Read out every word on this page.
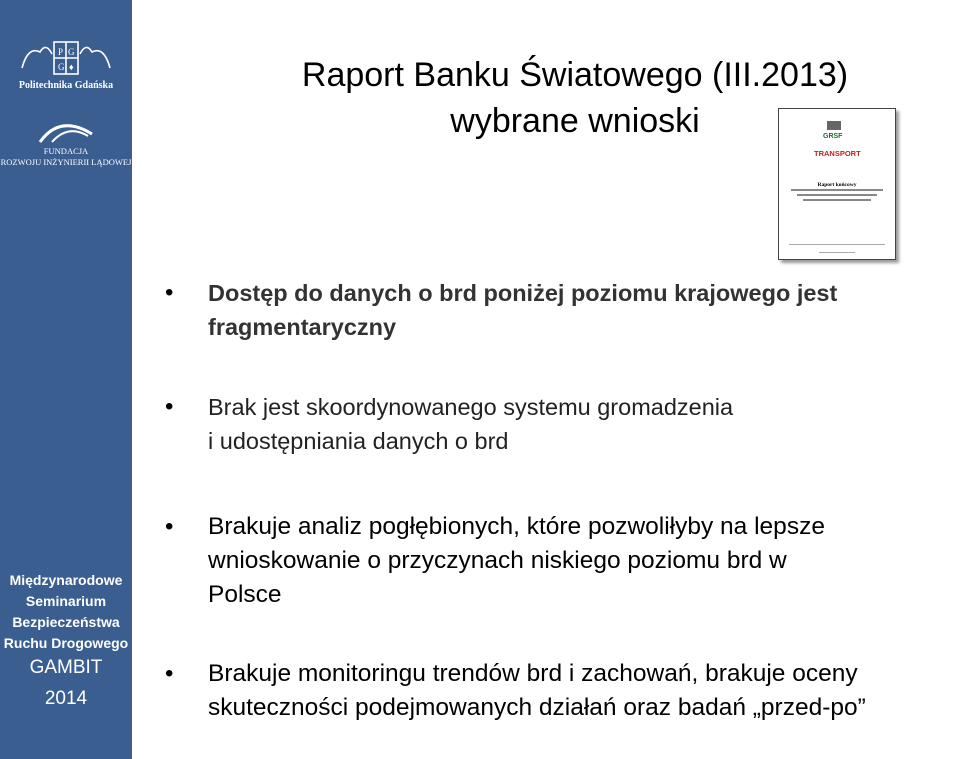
P G
G ♦
Politechnika Gdańska
FUNDACJA
ROZWOJU INŻYNIERII LĄDOWEJ
Międzynarodowe
Seminarium
Bezpieczeństwa
Ruchu Drogowego
GAMBIT
2014
Raport Banku Światowego (III.2013)
wybrane wnioski	GRSF
TRANSPORT
Raport końcowy
• Dostęp do danych o brd poniżej poziomu krajowego jest
fragmentaryczny
• Brak jest skoordynowanego systemu gromadzenia
i udostępniania danych o brd
• Brakuje analiz pogłębionych, które pozwoliłyby na lepsze
wnioskowanie o przyczynach niskiego poziomu brd w
Polsce
• Brakuje monitoringu trendów brd i zachowań, brakuje oceny
skuteczności podejmowanych działań oraz badań „przed-po”
